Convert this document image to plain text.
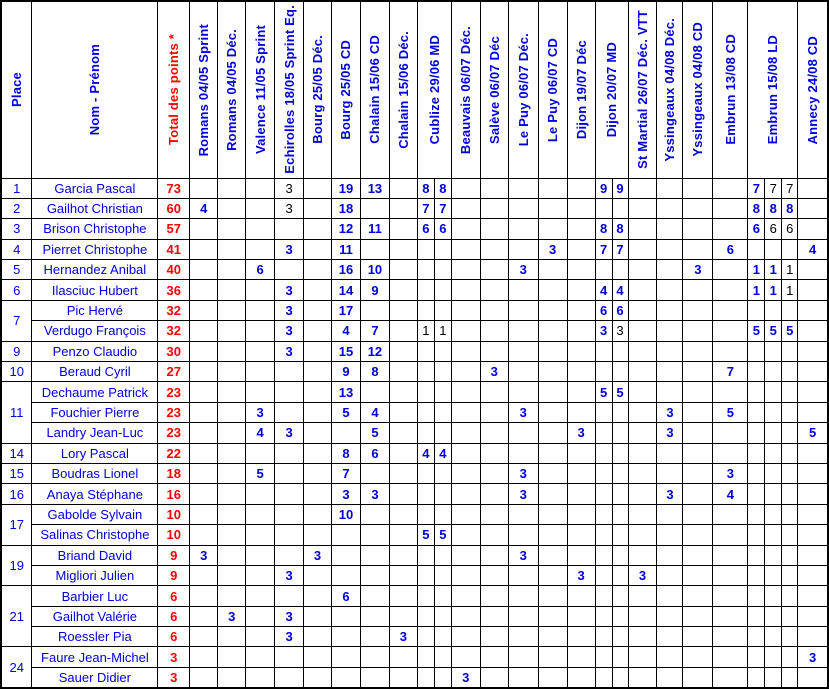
Place	Nom - Prénom	Total des points *	Romans 04/05 Sprint	Romans 04/05 Déc.	Valence 11/05 Sprint	Echirolles 18/05 Sprint Eq.	Bourg 25/05 Déc.	Bourg 25/05 CD	Chalain 15/06 CD	Chalain 15/06 Déc.	Cublize 29/06 MD		Beauvais 06/07 Déc.	Salève 06/07 Déc	Le Puy 06/07 Déc.	Le Puy 06/07 CD	Dijon 19/07 Déc	Dijon 20/07 MD		St Martial 26/07 Déc. VTT	Yssingeaux 04/08 Déc.	Yssingeaux 04/08 CD	Embrun 13/08 CD	Embrun 15/08 LD			Annecy 24/08 CD

1	Garcia Pascal	73				3		19	13		8	8						9	9					7	7	7	
2	Gailhot Christian	60	4			3		18			7	7												8	8	8	
3	Brison Christophe	57						12	11		6	6						8	8					6	6	6	
4	Pierret Christophe	41				3		11								3		7	7				6				4
5	Hernandez Anibal	40			6			16	10						3							3		1	1	1	
6	Ilasciuc Hubert	36				3		14	9									4	4					1	1	1	
7	Pic Hervé	32				3		17										6	6								
	Verdugo François	32				3		4	7		1	1						3	3					5	5	5	
9	Penzo Claudio	30				3		15	12																		
10	Beraud Cyril	27						9	8					3									7				
11	Dechaume Patrick	23						13										5	5								
	Fouchier Pierre	23			3			5	4						3						3		5				
	Landry Jean-Luc	23			4	3			5								3				3						5
14	Lory Pascal	22						8	6		4	4															
15	Boudras Lionel	18			5			7							3								3				
16	Anaya Stéphane	16						3	3						3						3		4				
17	Gabolde Sylvain	10						10																			
	Salinas Christophe	10									5	5															
19	Briand David	9	3				3								3												
	Migliori Julien	9				3											3			3							
21	Barbier Luc	6						6																			
	Gailhot Valérie	6		3		3																					
	Roessler Pia	6				3				3																	
24	Faure Jean-Michel	3																									3
	Sauer Didier	3											3														
